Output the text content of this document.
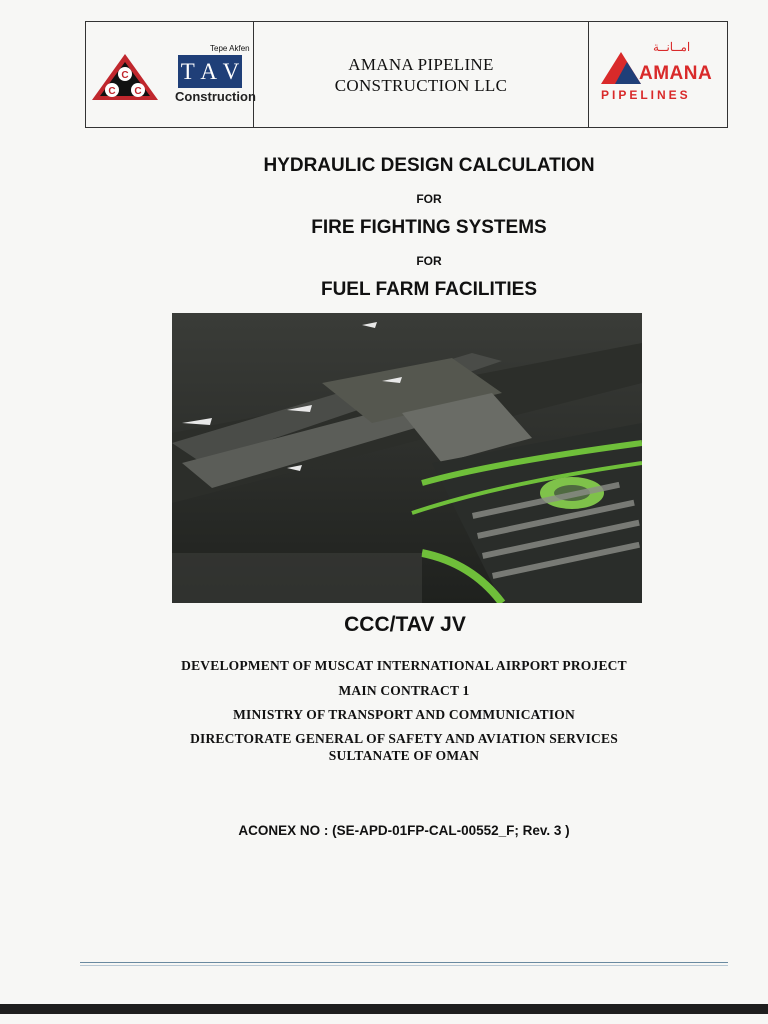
C
C C
Tepe Akfen
T A V
Construction
AMANA PIPELINE
CONSTRUCTION LLC
امــانــة
AMANA
PIPELINES
HYDRAULIC DESIGN CALCULATION
FOR
FIRE FIGHTING SYSTEMS
FOR
FUEL FARM FACILITIES
CCC/TAV JV
DEVELOPMENT OF MUSCAT INTERNATIONAL AIRPORT PROJECT
MAIN CONTRACT 1
MINISTRY OF TRANSPORT AND COMMUNICATION
DIRECTORATE GENERAL OF SAFETY AND AVIATION SERVICES
SULTANATE OF OMAN
ACONEX NO : (SE-APD-01FP-CAL-00552_F; Rev. 3 )
